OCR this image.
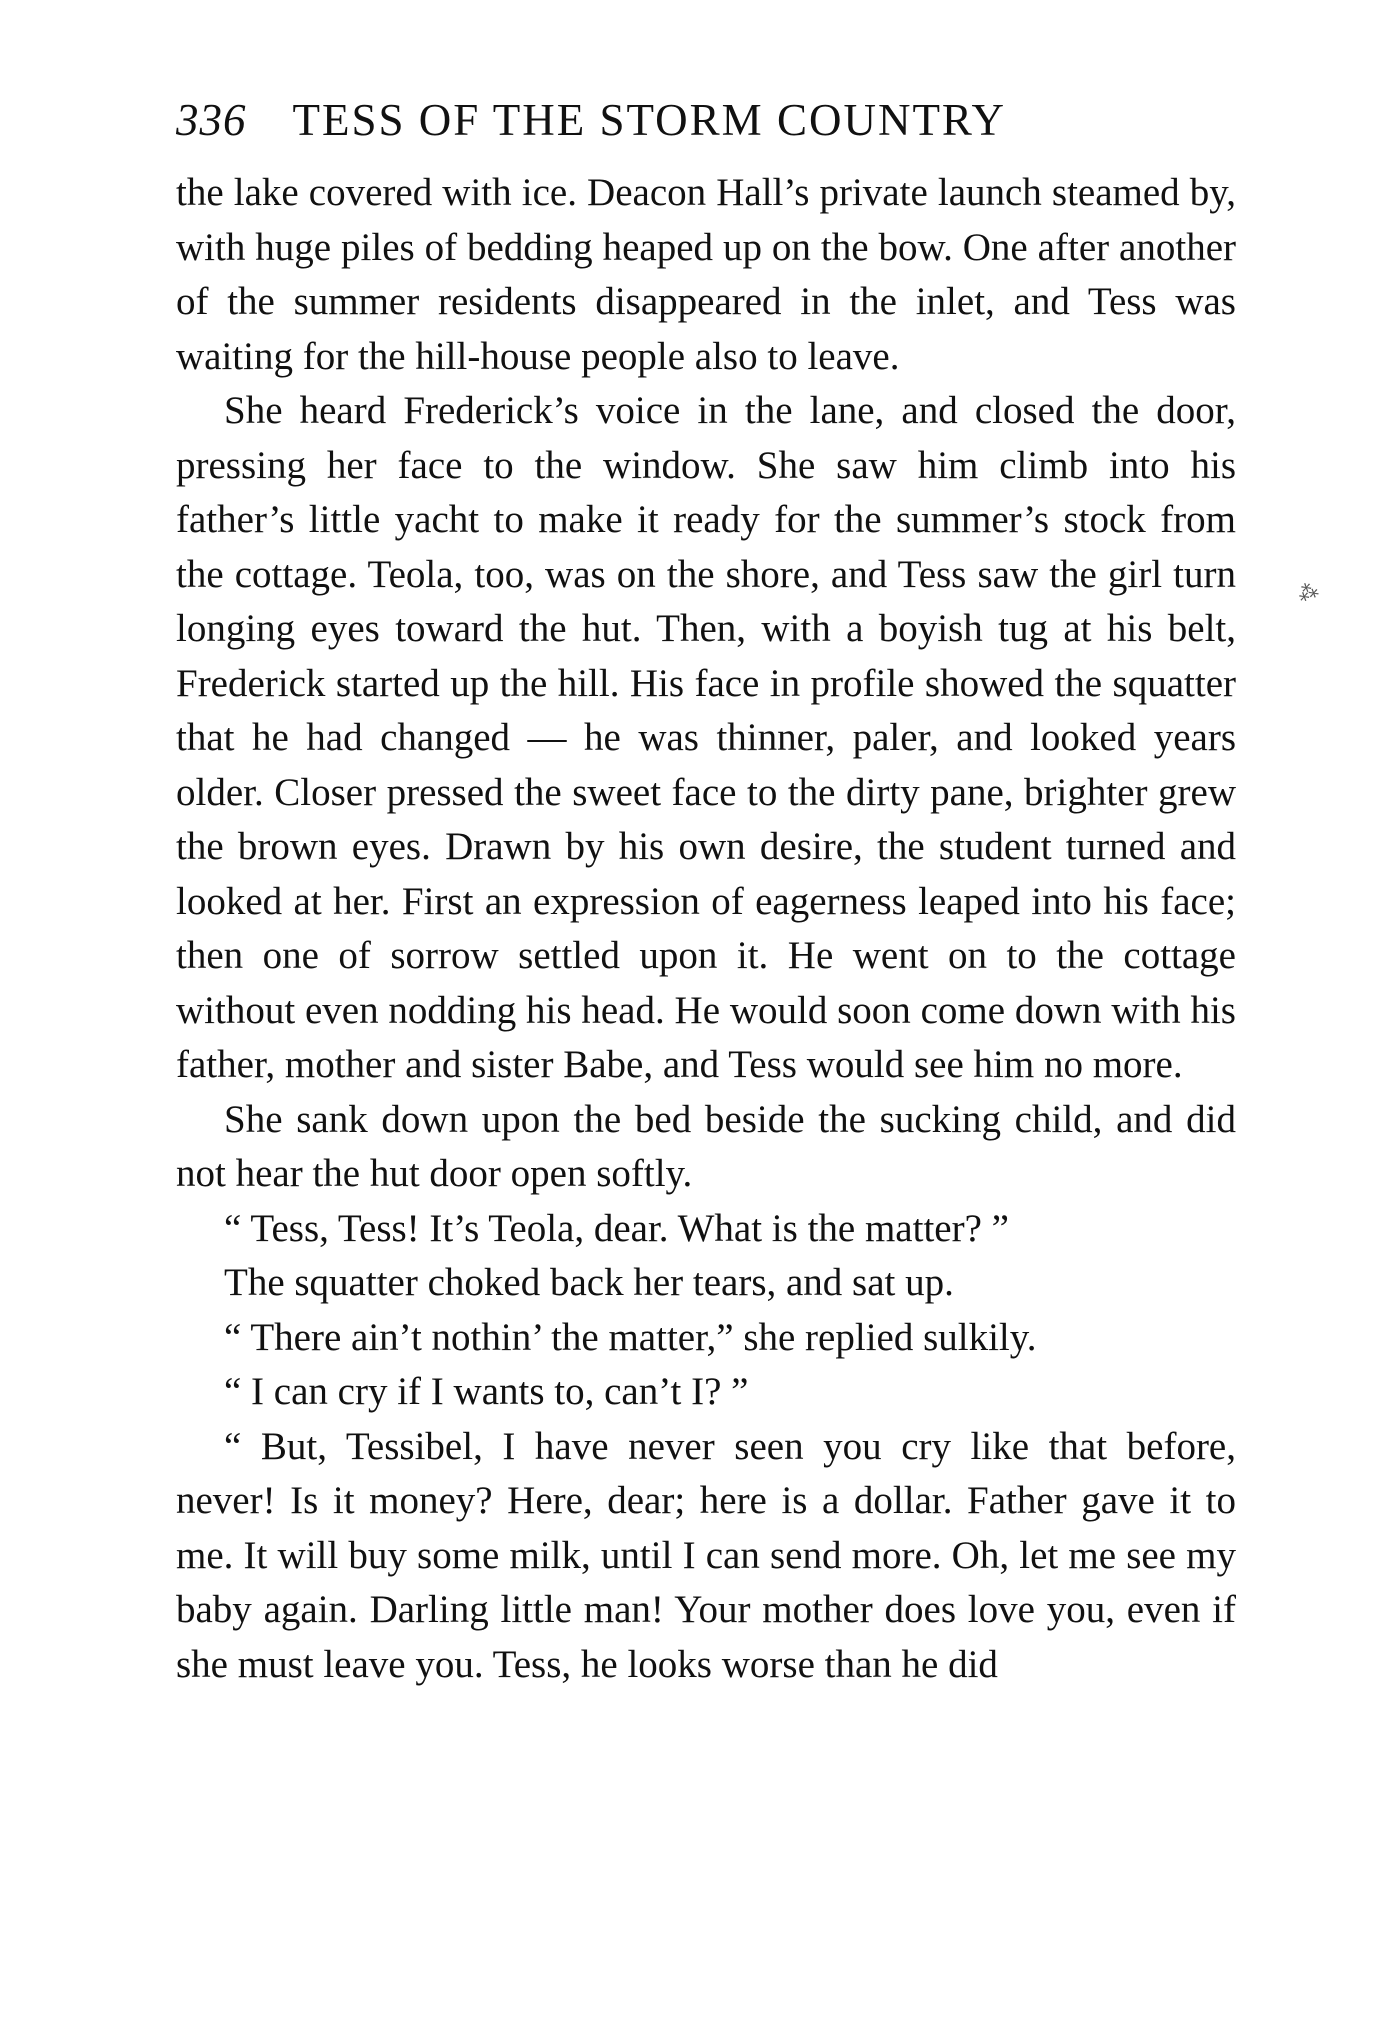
336 TESS OF THE STORM COUNTRY

the lake covered with ice. Deacon Hall’s private launch steamed by, with huge piles of bedding heaped up on the bow. One after another of the summer residents disappeared in the inlet, and Tess was waiting for the hill-house people also to leave.

She heard Frederick’s voice in the lane, and closed the door, pressing her face to the window. She saw him climb into his father’s little yacht to make it ready for the summer’s stock from the cottage. Teola, too, was on the shore, and Tess saw the girl turn longing eyes toward the hut. Then, with a boyish tug at his belt, Frederick started up the hill. His face in profile showed the squatter that he had changed — he was thinner, paler, and looked years older. Closer pressed the sweet face to the dirty pane, brighter grew the brown eyes. Drawn by his own desire, the student turned and looked at her. First an expression of eagerness leaped into his face; then one of sorrow settled upon it. He went on to the cottage without even nodding his head. He would soon come down with his father, mother and sister Babe, and Tess would see him no more.

She sank down upon the bed beside the sucking child, and did not hear the hut door open softly.

“ Tess, Tess! It’s Teola, dear. What is the matter? ”

The squatter choked back her tears, and sat up.

“ There ain’t nothin’ the matter,” she replied sulkily.

“ I can cry if I wants to, can’t I? ”

“ But, Tessibel, I have never seen you cry like that before, never! Is it money? Here, dear; here is a dollar. Father gave it to me. It will buy some milk, until I can send more. Oh, let me see my baby again. Darling little man! Your mother does love you, even if she must leave you. Tess, he looks worse than he did

⁂
